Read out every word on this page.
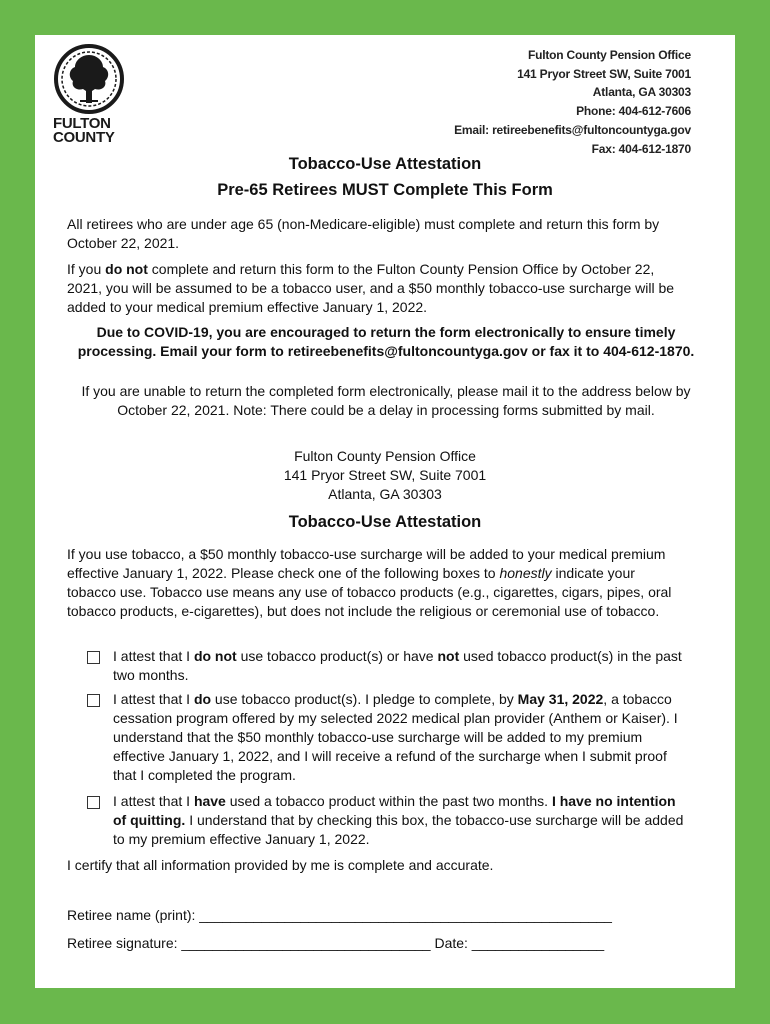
FULTON
COUNTY
Fulton County Pension Office
141 Pryor Street SW, Suite 7001
Atlanta, GA 30303
Phone: 404-612-7606
Email: retireebenefits@fultoncountyga.gov
Fax: 404-612-1870
Tobacco-Use Attestation
Pre-65 Retirees MUST Complete This Form
All retirees who are under age 65 (non-Medicare-eligible) must complete and return this form by October 22, 2021.
If you do not complete and return this form to the Fulton County Pension Office by October 22, 2021, you will be assumed to be a tobacco user, and a $50 monthly tobacco-use surcharge will be added to your medical premium effective January 1, 2022.
Due to COVID-19, you are encouraged to return the form electronically to ensure timely processing. Email your form to retireebenefits@fultoncountyga.gov or fax it to 404-612-1870.
If you are unable to return the completed form electronically, please mail it to the address below by October 22, 2021. Note: There could be a delay in processing forms submitted by mail.
Fulton County Pension Office
141 Pryor Street SW, Suite 7001
Atlanta, GA 30303
Tobacco-Use Attestation
If you use tobacco, a $50 monthly tobacco-use surcharge will be added to your medical premium effective January 1, 2022. Please check one of the following boxes to honestly indicate your tobacco use. Tobacco use means any use of tobacco products (e.g., cigarettes, cigars, pipes, oral tobacco products, e-cigarettes), but does not include the religious or ceremonial use of tobacco.
I attest that I do not use tobacco product(s) or have not used tobacco product(s) in the past two months.
I attest that I do use tobacco product(s). I pledge to complete, by May 31, 2022, a tobacco cessation program offered by my selected 2022 medical plan provider (Anthem or Kaiser). I understand that the $50 monthly tobacco-use surcharge will be added to my premium effective January 1, 2022, and I will receive a refund of the surcharge when I submit proof that I completed the program.
I attest that I have used a tobacco product within the past two months. I have no intention of quitting. I understand that by checking this box, the tobacco-use surcharge will be added to my premium effective January 1, 2022.
I certify that all information provided by me is complete and accurate.
Retiree name (print): _____________________________________________________
Retiree signature: ________________________________ Date: _________________
